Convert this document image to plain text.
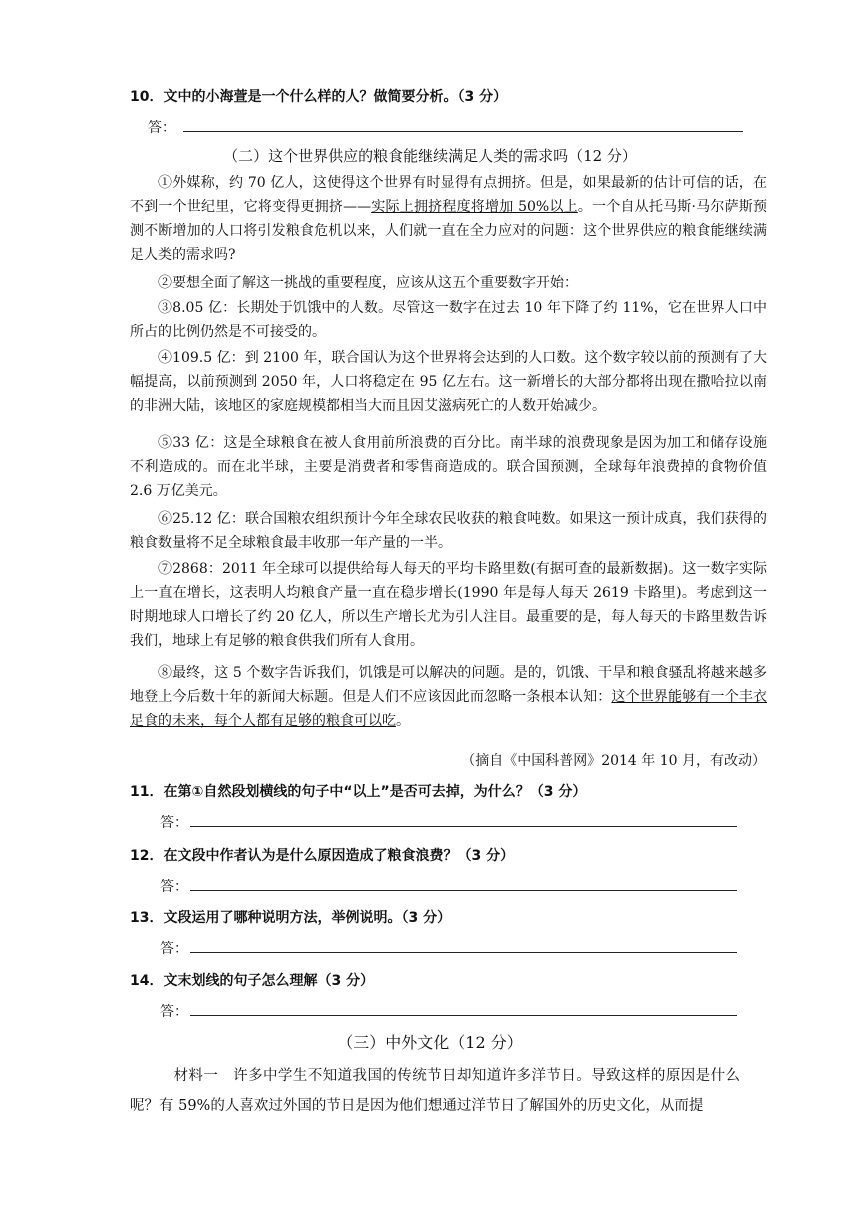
10．文中的小海萱是一个什么样的人？做简要分析。（3 分）
答：
（二）这个世界供应的粮食能继续满足人类的需求吗（12 分）
①外媒称，约 70 亿人，这使得这个世界有时显得有点拥挤。但是，如果最新的估计可信的话，在不到一个世纪里，它将变得更拥挤——实际上拥挤程度将增加 50%以上。一个自从托马斯·马尔萨斯预测不断增加的人口将引发粮食危机以来，人们就一直在全力应对的问题：这个世界供应的粮食能继续满足人类的需求吗?
②要想全面了解这一挑战的重要程度，应该从这五个重要数字开始：
③8.05 亿：长期处于饥饿中的人数。尽管这一数字在过去 10 年下降了约 11%，它在世界人口中所占的比例仍然是不可接受的。
④109.5 亿：到 2100 年，联合国认为这个世界将会达到的人口数。这个数字较以前的预测有了大幅提高，以前预测到 2050 年，人口将稳定在 95 亿左右。这一新增长的大部分都将出现在撒哈拉以南的非洲大陆，该地区的家庭规模都相当大而且因艾滋病死亡的人数开始减少。
⑤33 亿：这是全球粮食在被人食用前所浪费的百分比。南半球的浪费现象是因为加工和储存设施不利造成的。而在北半球，主要是消费者和零售商造成的。联合国预测，全球每年浪费掉的食物价值 2.6 万亿美元。
⑥25.12 亿：联合国粮农组织预计今年全球农民收获的粮食吨数。如果这一预计成真，我们获得的粮食数量将不足全球粮食最丰收那一年产量的一半。
⑦2868：2011 年全球可以提供给每人每天的平均卡路里数(有据可查的最新数据)。这一数字实际上一直在增长，这表明人均粮食产量一直在稳步增长(1990 年是每人每天 2619 卡路里)。考虑到这一时期地球人口增长了约 20 亿人，所以生产增长尤为引人注目。最重要的是，每人每天的卡路里数告诉我们，地球上有足够的粮食供我们所有人食用。
⑧最终，这 5 个数字告诉我们，饥饿是可以解决的问题。是的，饥饿、干旱和粮食骚乱将越来越多地登上今后数十年的新闻大标题。但是人们不应该因此而忽略一条根本认知：这个世界能够有一个丰衣足食的未来，每个人都有足够的粮食可以吃。
（摘自《中国科普网》2014 年 10 月，有改动）
11．在第①自然段划横线的句子中“以上”是否可去掉，为什么？（3 分）
答：
12．在文段中作者认为是什么原因造成了粮食浪费？（3 分）
答：
13．文段运用了哪种说明方法，举例说明。（3 分）
答：
14．文末划线的句子怎么理解（3 分）
答：
（三）中外文化（12 分）
材料一　许多中学生不知道我国的传统节日却知道许多洋节日。导致这样的原因是什么呢？有 59%的人喜欢过外国的节日是因为他们想通过洋节日了解国外的历史文化，从而提
